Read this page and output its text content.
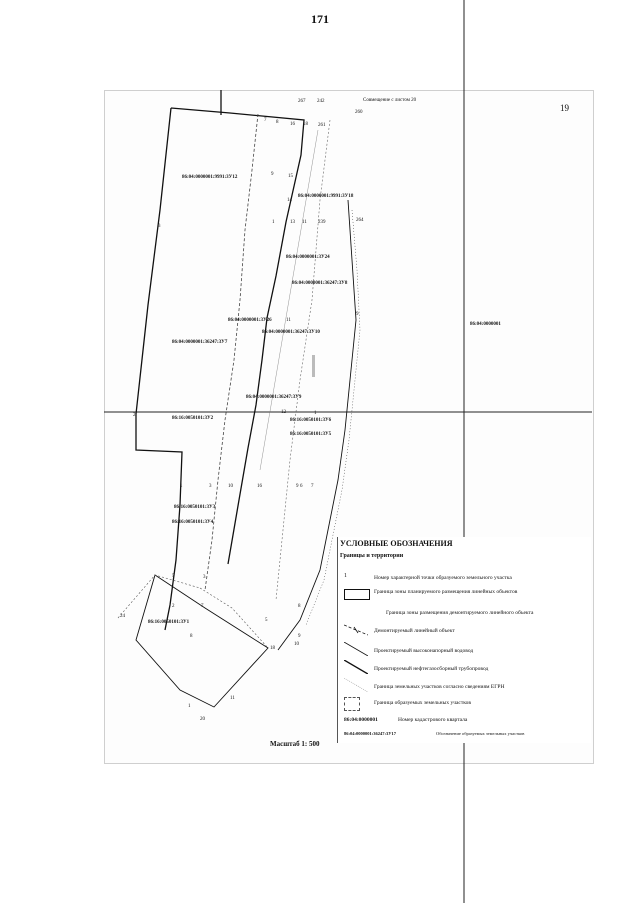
171
Совмещение с листом 20
19
86:04:0000001
86:04:0000001:9991:3У12
86:04:0000001:9991:3У18
86:04:0000001:3У24
86:04:0000001:36247:3У8
86:04:0000001:3У26
86:04:0000001:36247:3У10
86:04:0000001:36247:3У7
86:04:0000001:36247:3У9
86:16:0050101:3У2	86:16:0050101:3У6
86:16:0050101:3У5
86:16:0050101:3У3
86:16:0050101:3У4
86:16:0050101:3У1
267 242
260
7 8 16 18 261
9	15
14
1	13 11 239	264
3
11
9
2
12	1
1	3	10	16	9 6 7
5	3
24
2	7
8
5
8
9
10
18
11
1
20
УСЛОВНЫЕ ОБОЗНАЧЕНИЯ
Границы и территории
1	Номер характерной точки образуемого земельного участка
Граница зоны планируемого размещения линейных объектов
Граница зоны размещения демонтируемого линейного объекта
Демонтируемый линейный объект
Проектируемый высоконапорный водовод
Проектируемый нефтегазосборный трубопровод
Граница земельных участков согласно сведениям ЕГРН
Граница образуемых земельных участков
86:04:0000001	Номер кадастрового квартала
86:04:0000001:36247:3У17	Обозначение образуемых земельных участков
Масштаб 1: 500
